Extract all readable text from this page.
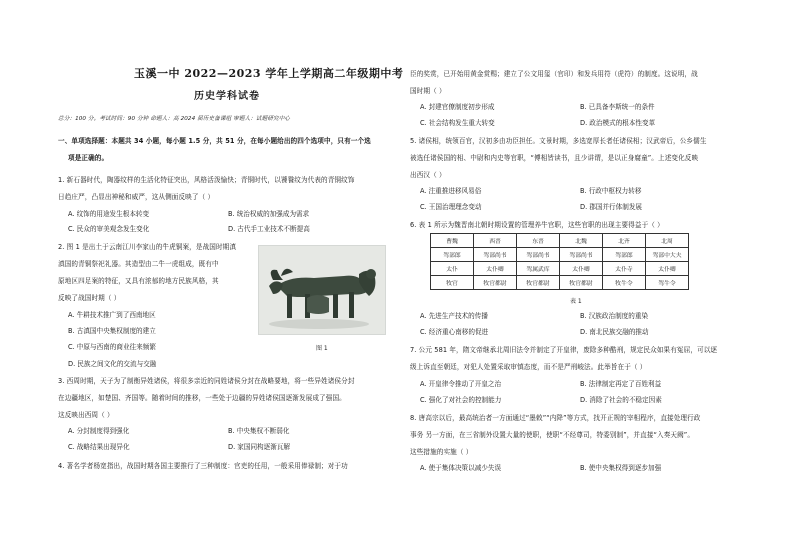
玉溪一中 2022—2023 学年上学期高二年级期中考
历史学科试卷
总分：100 分。考试时间：90 分钟 命题人：高 2024 届历史备课组 审题人：试题研究中心
一、单项选择题：本题共 34 小题，每小题 1.5 分，共 51 分，在每小题给出的四个选项中，只有一个选
项是正确的。
1. 新石器时代，陶器纹样的生活化特征突出，风格活泼愉快；青铜时代，以饕餮纹为代表的青铜纹饰
日趋庄严，凸显出神秘和威严，这从侧面反映了（ ）
A. 纹饰的用途发生根本转变	B. 统治权威的加强成为需求
C. 民众的审美观念发生变化	D. 古代手工业技术不断提高
2. 图 1 是出土于云南江川李家山的牛虎铜案，是战国时期滇
滇国的青铜祭祀礼器。其造型由二牛一虎组成，既有中
原地区四足案的特征，又具有浓郁的地方民族风格，其
反映了战国时期（ ）
A. 牛耕技术推广到了西南地区
B. 古滇国中央集权制度的建立
C. 中原与西南的商业往来频繁
D. 民族之间文化的交流与交融
图 1
3. 西周时期，天子为了制衡异姓诸侯，将很多亲近的同姓诸侯分封在战略要地，将一些异姓诸侯分封
在边疆地区，如楚国、齐国等。随着时间的推移，一些处于边疆的异姓诸侯国逐渐发展成了强国。
这反映出西周（ ）
A. 分封制度得到强化	B. 中央集权不断弱化
C. 战略结果出现异化	D. 家国同构逐渐瓦解
4. 著名学者杨宽指出，战国时期各国主要推行了三种制度：官吏的任用，一般采用俸禄制；对于功
臣的奖赏，已开始用黄金赏赐；建立了公文用玺（官印）和发兵用符（虎符）的制度。这说明，战
国时期（ ）
A. 封建官僚制度初步形成	B. 已具备李斯统一的条件
C. 社会结构发生重大转变	D. 政治模式的根本性变革
5. 诸侯相，统领百官，汉初多由功臣担任。文景时期，多选宽厚长者任诸侯相；汉武帝后，公乡儒生
被选任诸侯国的相、中尉和内史等官职，“傅相皆读书，且少讲谓，是以正身腐童”。上述变化反映
出西汉（ ）
A. 注重推进移风易俗	B. 行政中枢权力转移
C. 王国治理理念变动	D. 郡国并行体制发展
6. 表 1 所示为魏晋南北朝时期设置的管理养牛官职，这些官职的出现主要得益于（ ）
曹魏	西晋	东晋	北魏	北齐	北周
驾部郎	驾部尚书	驾部尚书	驾部尚书	驾部郎	驾部中大夫
太仆	太仆卿	驾属武库	太仆卿	太仆寺	太仆卿
牧官	牧官都尉	牧官都尉	牧官都尉	牧牛令	驾牛令
表 1
A. 先进生产技术的传播	B. 汉族政治制度的重染
C. 经济重心南移的促进	D. 南北民族交融的推动
7. 公元 581 年，隋文帝继承北周旧法令并制定了开皇律，废除多种酷刑，规定民众如果有冤屈，可以逐
级上诉直至朝廷，对犯人处置采取审慎态度，而不是严刑峻法。此举旨在于（ ）
A. 开皇律令推动了开皇之治	B. 法律制定再定了百姓利益
C. 强化了对社会的控制能力	D. 消除了社会的不稳定因素
8. 唐高宗以后，最高统治者一方面通过“墨敕”“内降”等方式，找开正规的宰相程序，直接处理行政
事务 另一方面，在三省制外设置大量的使职，使职“不经尊司，特委别制”，并直接“入奏天阙”。
这些措施的实施（ ）
A. 使于集体决策以减少失误	B. 使中央集权得到逐步加强
